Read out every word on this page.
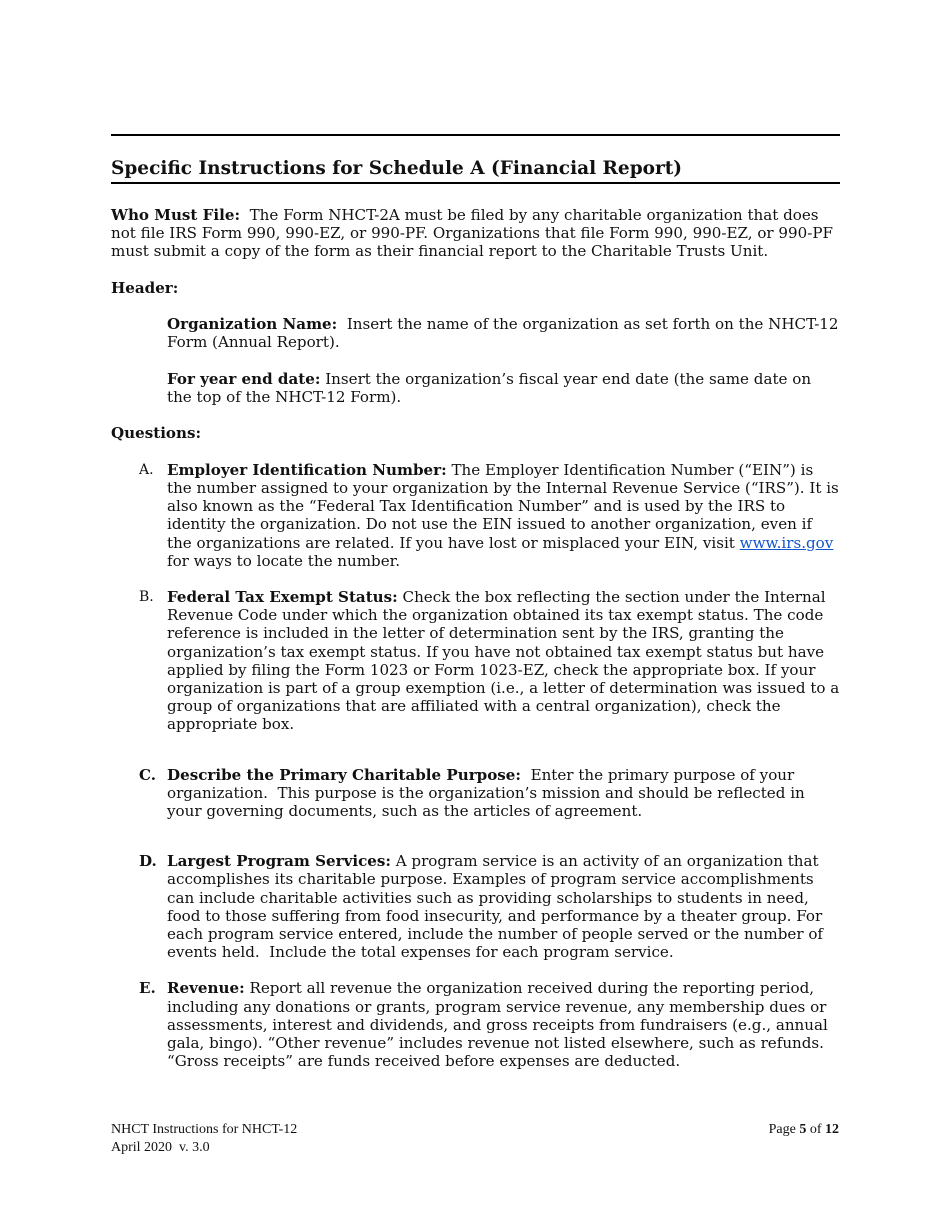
Specific Instructions for Schedule A (Financial Report)

Who Must File:  The Form NHCT-2A must be filed by any charitable organization that does not file IRS Form 990, 990-EZ, or 990-PF. Organizations that file Form 990, 990-EZ, or 990-PF must submit a copy of the form as their financial report to the Charitable Trusts Unit.

Header:

Organization Name:  Insert the name of the organization as set forth on the NHCT-12 Form (Annual Report).

For year end date: Insert the organization’s fiscal year end date (the same date on the top of the NHCT-12 Form).

Questions:

A. Employer Identification Number: The Employer Identification Number (“EIN”) is the number assigned to your organization by the Internal Revenue Service (“IRS”). It is also known as the “Federal Tax Identification Number” and is used by the IRS to identity the organization. Do not use the EIN issued to another organization, even if the organizations are related. If you have lost or misplaced your EIN, visit www.irs.gov for ways to locate the number.

B. Federal Tax Exempt Status: Check the box reflecting the section under the Internal Revenue Code under which the organization obtained its tax exempt status. The code reference is included in the letter of determination sent by the IRS, granting the organization’s tax exempt status. If you have not obtained tax exempt status but have applied by filing the Form 1023 or Form 1023-EZ, check the appropriate box. If your organization is part of a group exemption (i.e., a letter of determination was issued to a group of organizations that are affiliated with a central organization), check the appropriate box.

C. Describe the Primary Charitable Purpose:  Enter the primary purpose of your organization.  This purpose is the organization’s mission and should be reflected in your governing documents, such as the articles of agreement.

D. Largest Program Services: A program service is an activity of an organization that accomplishes its charitable purpose. Examples of program service accomplishments can include charitable activities such as providing scholarships to students in need, food to those suffering from food insecurity, and performance by a theater group. For each program service entered, include the number of people served or the number of events held.  Include the total expenses for each program service.

E. Revenue: Report all revenue the organization received during the reporting period, including any donations or grants, program service revenue, any membership dues or assessments, interest and dividends, and gross receipts from fundraisers (e.g., annual gala, bingo). “Other revenue” includes revenue not listed elsewhere, such as refunds. “Gross receipts” are funds received before expenses are deducted.

NHCT Instructions for NHCT-12
April 2020  v. 3.0
Page 5 of 12
